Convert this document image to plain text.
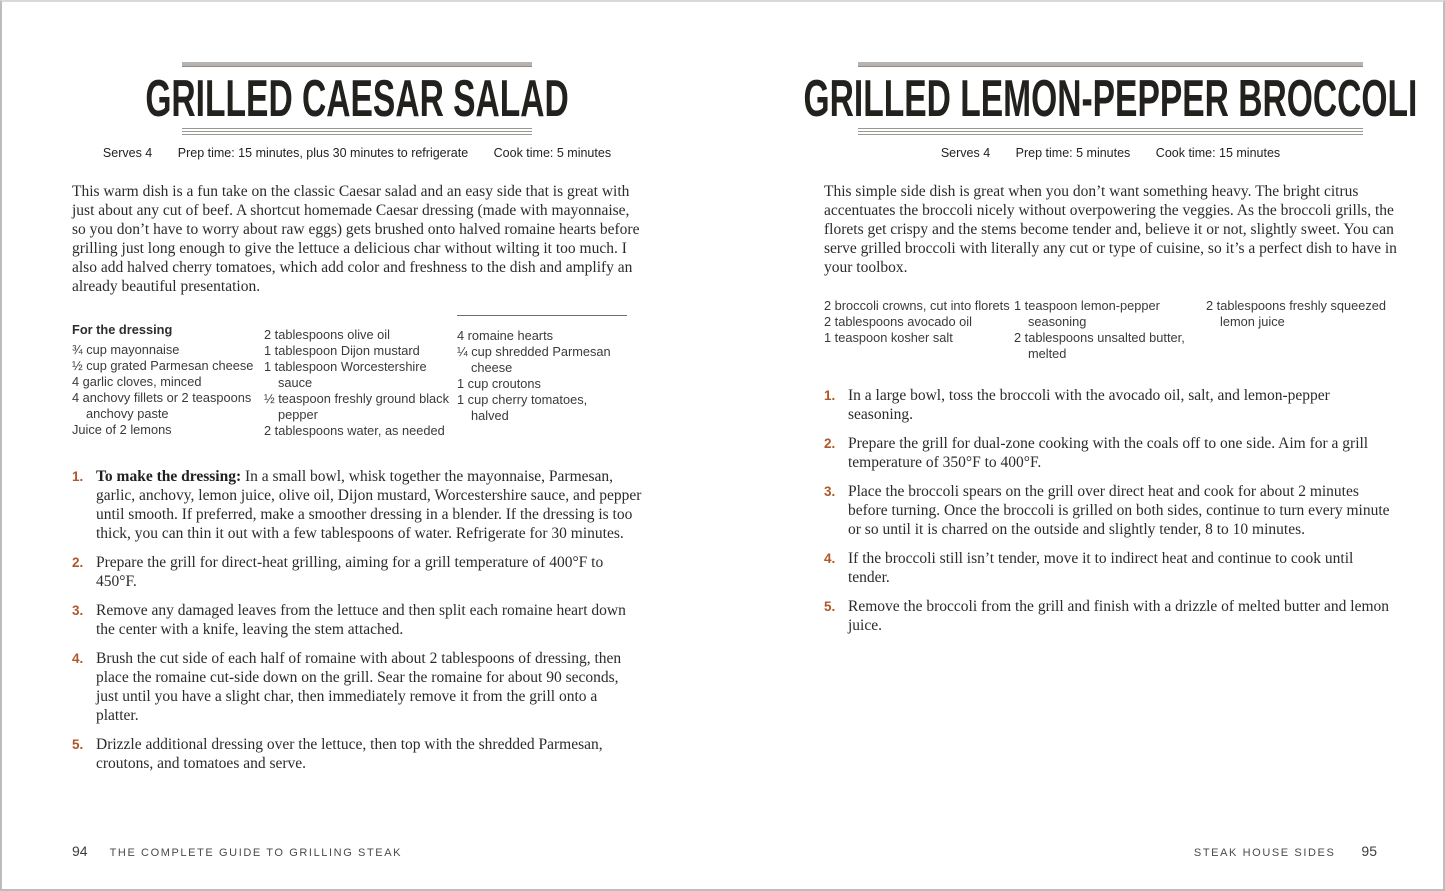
GRILLED CAESAR SALAD
Serves 4 Prep time: 15 minutes, plus 30 minutes to refrigerate Cook time: 5 minutes

This warm dish is a fun take on the classic Caesar salad and an easy side that is great with just about any cut of beef. A shortcut homemade Caesar dressing (made with mayonnaise, so you don’t have to worry about raw eggs) gets brushed onto halved romaine hearts before grilling just long enough to give the lettuce a delicious char without wilting it too much. I also add halved cherry tomatoes, which add color and freshness to the dish and amplify an already beautiful presentation.

For the dressing
¾ cup mayonnaise
½ cup grated Parmesan cheese
4 garlic cloves, minced
4 anchovy fillets or 2 teaspoons anchovy paste
Juice of 2 lemons
2 tablespoons olive oil
1 tablespoon Dijon mustard
1 tablespoon Worcestershire sauce
½ teaspoon freshly ground black pepper
2 tablespoons water, as needed
4 romaine hearts
¼ cup shredded Parmesan cheese
1 cup croutons
1 cup cherry tomatoes, halved
1. To make the dressing: In a small bowl, whisk together the mayonnaise, Parmesan, garlic, anchovy, lemon juice, olive oil, Dijon mustard, Worcestershire sauce, and pepper until smooth. If preferred, make a smoother dressing in a blender. If the dressing is too thick, you can thin it out with a few tablespoons of water. Refrigerate for 30 minutes.
2. Prepare the grill for direct-heat grilling, aiming for a grill temperature of 400°F to 450°F.
3. Remove any damaged leaves from the lettuce and then split each romaine heart down the center with a knife, leaving the stem attached.
4. Brush the cut side of each half of romaine with about 2 tablespoons of dressing, then place the romaine cut-side down on the grill. Sear the romaine for about 90 seconds, just until you have a slight char, then immediately remove it from the grill onto a platter.
5. Drizzle additional dressing over the lettuce, then top with the shredded Parmesan, croutons, and tomatoes and serve.
94 THE COMPLETE GUIDE TO GRILLING STEAK
GRILLED LEMON-PEPPER BROCCOLI
Serves 4 Prep time: 5 minutes Cook time: 15 minutes

This simple side dish is great when you don’t want something heavy. The bright citrus accentuates the broccoli nicely without overpowering the veggies. As the broccoli grills, the florets get crispy and the stems become tender and, believe it or not, slightly sweet. You can serve grilled broccoli with literally any cut or type of cuisine, so it’s a perfect dish to have in your toolbox.

2 broccoli crowns, cut into florets
2 tablespoons avocado oil
1 teaspoon kosher salt
1 teaspoon lemon-pepper seasoning
2 tablespoons unsalted butter, melted
2 tablespoons freshly squeezed lemon juice
1. In a large bowl, toss the broccoli with the avocado oil, salt, and lemon-pepper seasoning.
2. Prepare the grill for dual-zone cooking with the coals off to one side. Aim for a grill temperature of 350°F to 400°F.
3. Place the broccoli spears on the grill over direct heat and cook for about 2 minutes before turning. Once the broccoli is grilled on both sides, continue to turn every minute or so until it is charred on the outside and slightly tender, 8 to 10 minutes.
4. If the broccoli still isn’t tender, move it to indirect heat and continue to cook until tender.
5. Remove the broccoli from the grill and finish with a drizzle of melted butter and lemon juice.
STEAK HOUSE SIDES 95
